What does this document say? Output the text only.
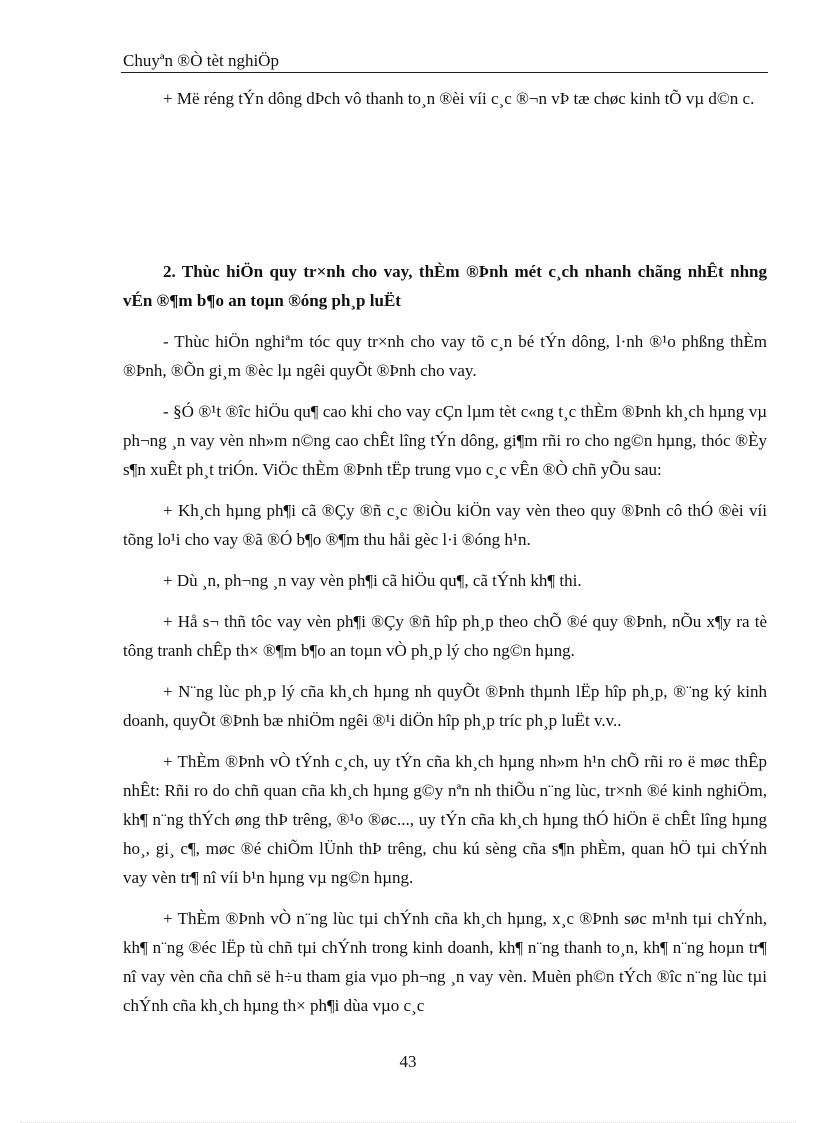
Chuyªn ®Ò tèt nghiÖp

+ Më réng tÝn dông dÞch vô thanh to¸n ®èi víi c¸c ®¬n vÞ tæ chøc kinh tÕ vµ d©n c.

2. Thùc hiÖn quy tr×nh cho vay, thÈm ®Þnh mét c¸ch nhanh chãng nhÊt nhng vÉn ®¶m b¶o an toµn ®óng ph¸p luËt

- Thùc hiÖn nghiªm tóc quy tr×nh cho vay tõ c¸n bé tÝn dông, l·nh ®¹o phßng thÈm ®Þnh, ®Õn gi¸m ®èc lµ ngêi quyÕt ®Þnh cho vay.

- §Ó ®¹t ®îc hiÖu qu¶ cao khi cho vay cÇn lµm tèt c«ng t¸c thÈm ®Þnh kh¸ch hµng vµ ph¬ng ¸n vay vèn nh»m n©ng cao chÊt lîng tÝn dông, gi¶m rñi ro cho ng©n hµng, thóc ®Èy s¶n xuÊt ph¸t triÓn. ViÖc thÈm ®Þnh tËp trung vµo c¸c vÊn ®Ò chñ yÕu sau:

+ Kh¸ch hµng ph¶i cã ®Çy ®ñ c¸c ®iÒu kiÖn vay vèn theo quy ®Þnh cô thÓ ®èi víi tõng lo¹i cho vay ®ã ®Ó b¶o ®¶m thu håi gèc l·i ®óng h¹n.

+ Dù ¸n, ph¬ng ¸n vay vèn ph¶i cã hiÖu qu¶, cã tÝnh kh¶ thi.

+ Hå s¬ thñ tôc vay vèn ph¶i ®Çy ®ñ hîp ph¸p theo chÕ ®é quy ®Þnh, nÕu x¶y ra tè tông tranh chÊp th× ®¶m b¶o an toµn vÒ ph¸p lý cho ng©n hµng.

+ N¨ng lùc ph¸p lý cña kh¸ch hµng nh quyÕt ®Þnh thµnh lËp hîp ph¸p, ®¨ng ký kinh doanh, quyÕt ®Þnh bæ nhiÖm ngêi ®¹i diÖn hîp ph¸p tríc ph¸p luËt v.v..

+ ThÈm ®Þnh vÒ tÝnh c¸ch, uy tÝn cña kh¸ch hµng nh»m h¹n chÕ rñi ro ë møc thÊp nhÊt: Rñi ro do chñ quan cña kh¸ch hµng g©y nªn nh thiÕu n¨ng lùc, tr×nh ®é kinh nghiÖm, kh¶ n¨ng thÝch øng thÞ trêng, ®¹o ®øc..., uy tÝn cña kh¸ch hµng thÓ hiÖn ë chÊt lîng hµng ho¸, gi¸ c¶, møc ®é chiÕm lÜnh thÞ trêng, chu kú sèng cña s¶n phÈm, quan hÖ tµi chÝnh vay vèn tr¶ nî víi b¹n hµng vµ ng©n hµng.

+ ThÈm ®Þnh vÒ n¨ng lùc tµi chÝnh cña kh¸ch hµng, x¸c ®Þnh søc m¹nh tµi chÝnh, kh¶ n¨ng ®éc lËp tù chñ tµi chÝnh trong kinh doanh, kh¶ n¨ng thanh to¸n, kh¶ n¨ng hoµn tr¶ nî vay vèn cña chñ së h÷u tham gia vµo ph¬ng ¸n vay vèn. Muèn ph©n tÝch ®îc n¨ng lùc tµi chÝnh cña kh¸ch hµng th× ph¶i dùa vµo c¸c

43
